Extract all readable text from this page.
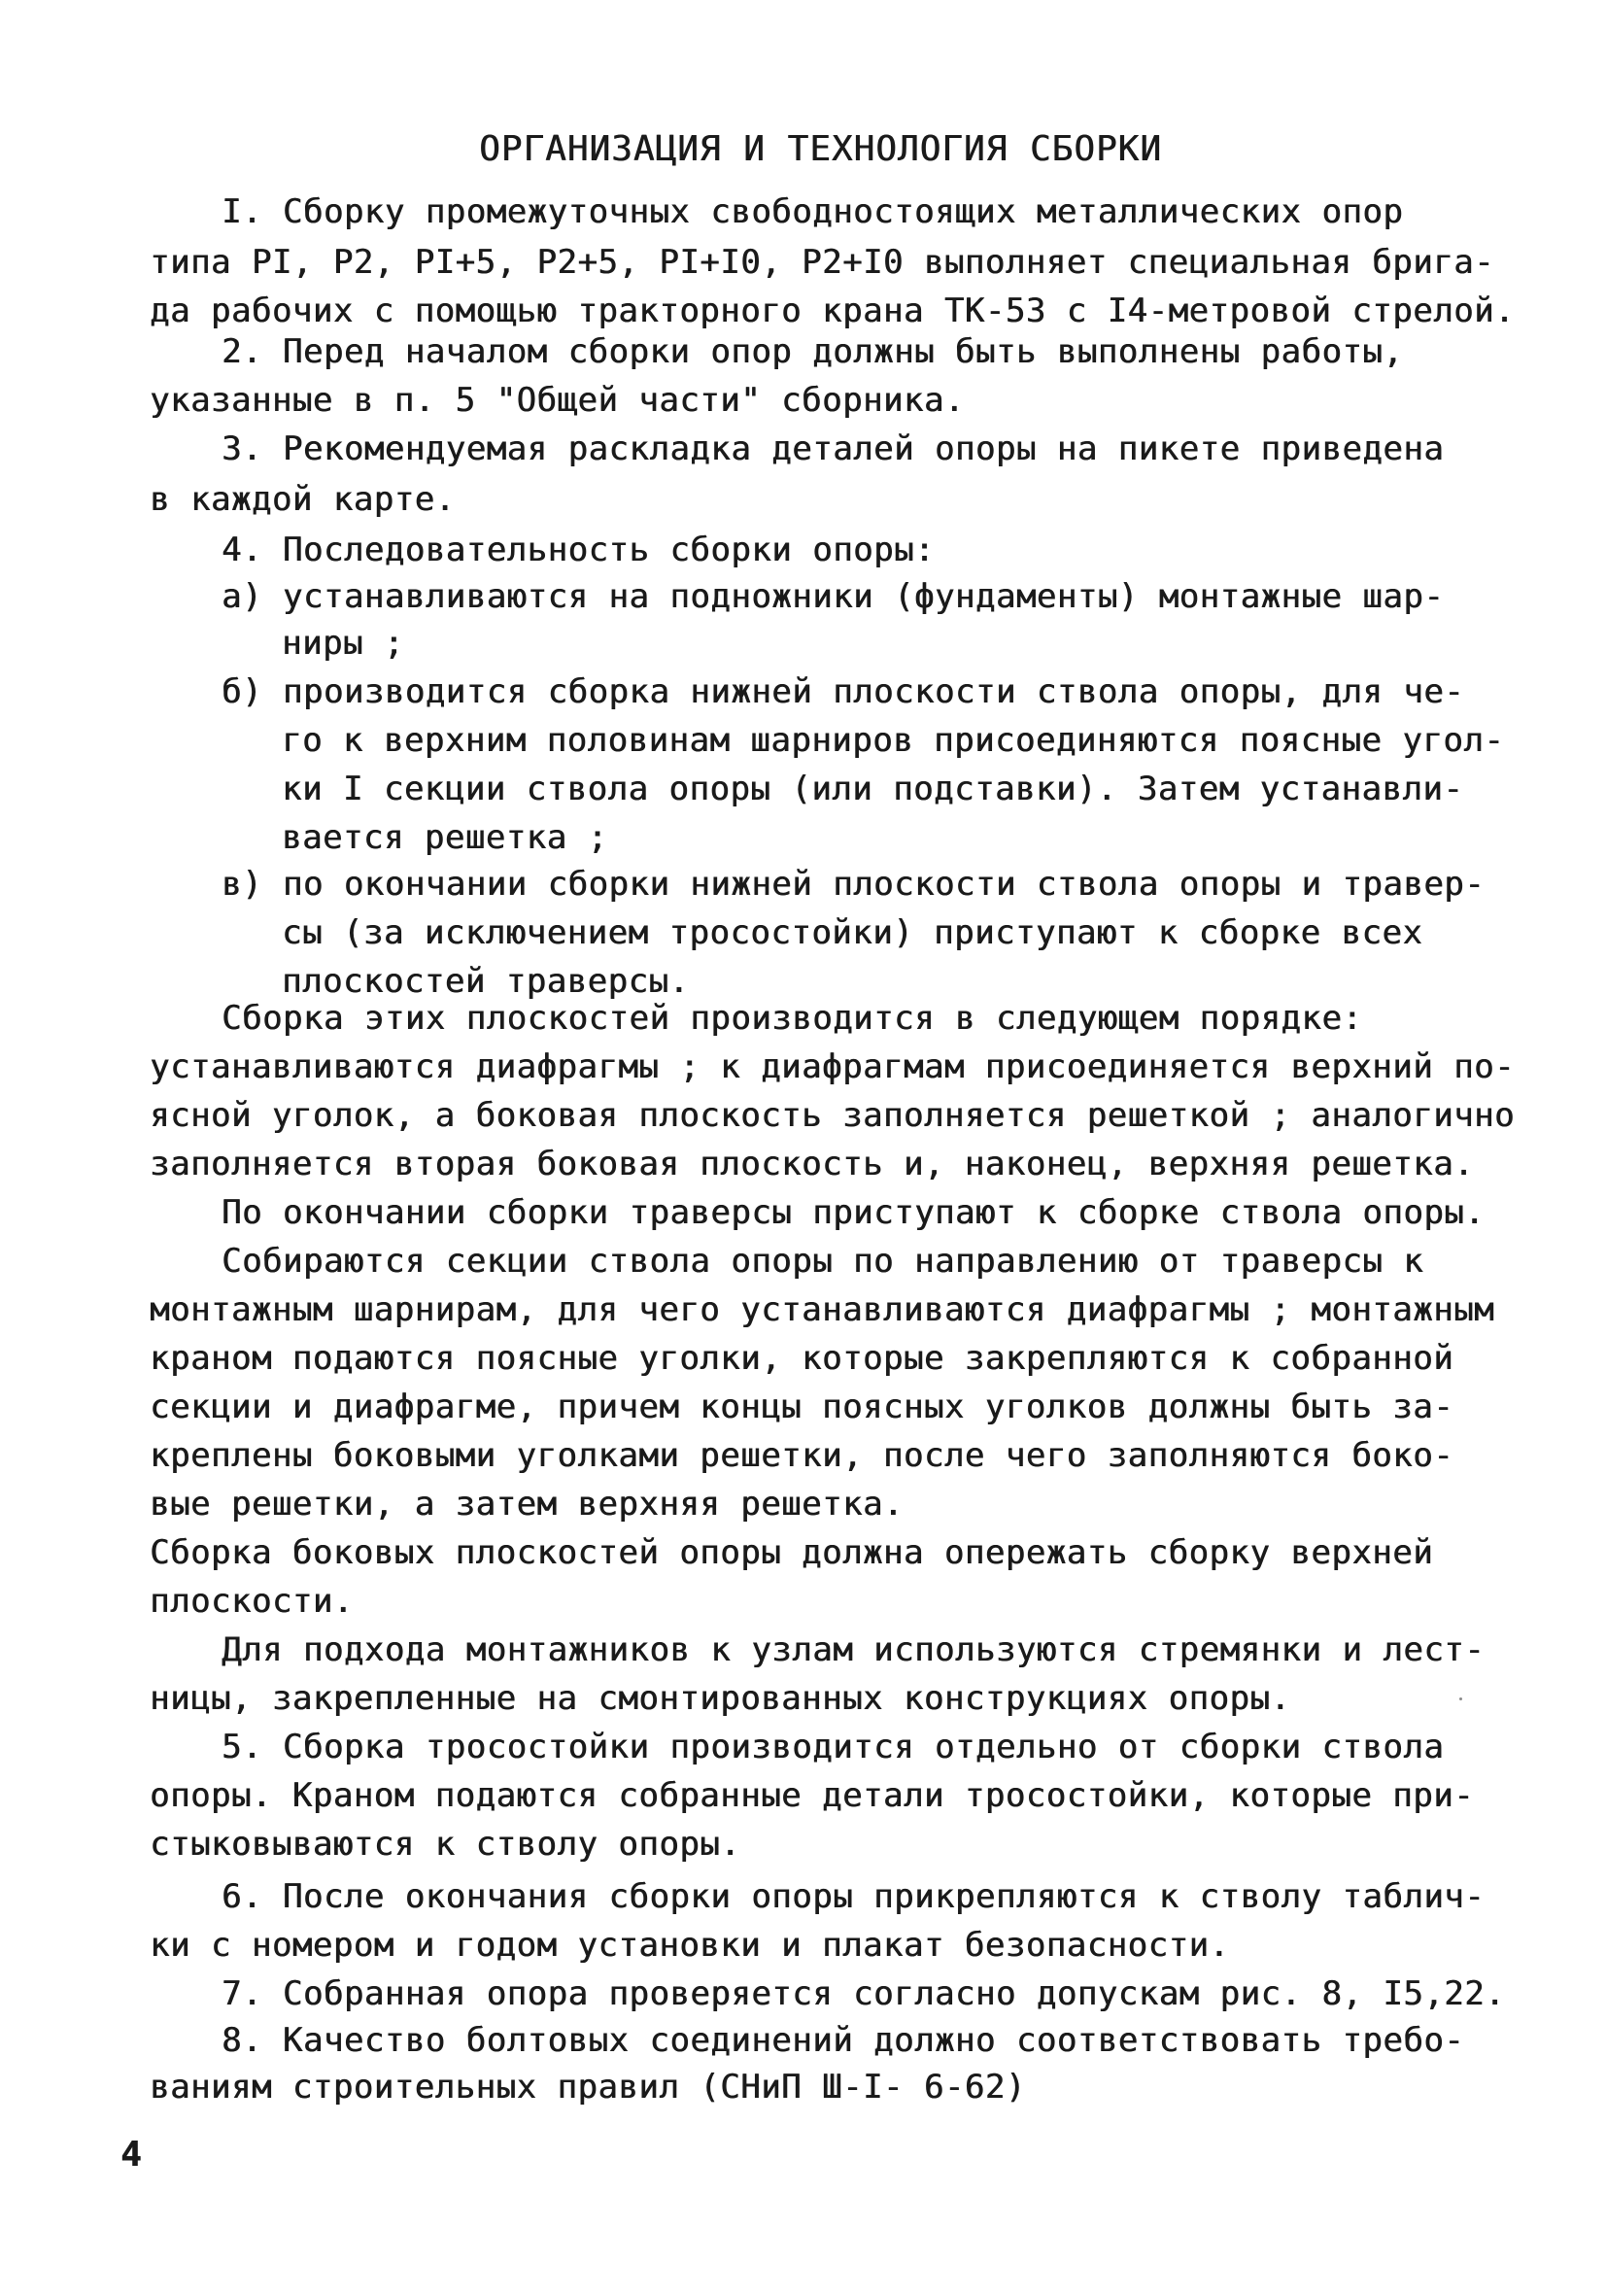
ОРГАНИЗАЦИЯ И ТЕХНОЛОГИЯ СБОРКИ
I. Сборку промежуточных свободностоящих металлических опор
типа PI, P2, PI+5, P2+5, PI+I0, P2+I0 выполняет специальная брига-
да рабочих с помощью тракторного крана ТК-53 с I4-метровой стрелой.
2. Перед началом сборки опор должны быть выполнены работы,
указанные в п. 5 "Общей части" сборника.
3. Рекомендуемая раскладка деталей опоры на пикете приведена
в каждой карте.
4. Последовательность сборки опоры:
а) устанавливаются на подножники (фундаменты) монтажные шар-
ниры ;
б) производится сборка нижней плоскости ствола опоры, для че-
го к верхним половинам шарниров присоединяются поясные угол-
ки I секции ствола опоры (или подставки). Затем устанавли-
вается решетка ;
в) по окончании сборки нижней плоскости ствола опоры и травер-
сы (за исключением тросостойки) приступают к сборке всех
плоскостей траверсы.
Сборка этих плоскостей производится в следующем порядке:
устанавливаются диафрагмы ; к диафрагмам присоединяется верхний по-
ясной уголок, а боковая плоскость заполняется решеткой ; аналогично
заполняется вторая боковая плоскость и, наконец, верхняя решетка.
По окончании сборки траверсы приступают к сборке ствола опоры.
Собираются секции ствола опоры по направлению от траверсы к
монтажным шарнирам, для чего устанавливаются диафрагмы ; монтажным
краном подаются поясные уголки, которые закрепляются к собранной
секции и диафрагме, причем концы поясных уголков должны быть за-
креплены боковыми уголками решетки, после чего заполняются боко-
вые решетки, а затем верхняя решетка.
Сборка боковых плоскостей опоры должна опережать сборку верхней
плоскости.
Для подхода монтажников к узлам используются стремянки и лест-
ницы, закрепленные на смонтированных конструкциях опоры.
5. Сборка тросостойки производится отдельно от сборки ствола
опоры. Краном подаются собранные детали тросостойки, которые при-
стыковываются к стволу опоры.
6. После окончания сборки опоры прикрепляются к стволу таблич-
ки с номером и годом установки и плакат безопасности.
7. Собранная опора проверяется согласно допускам рис. 8, I5,22.
8. Качество болтовых соединений должно соответствовать требо-
ваниям строительных правил (СНиП Ш-I- 6-62)
4
